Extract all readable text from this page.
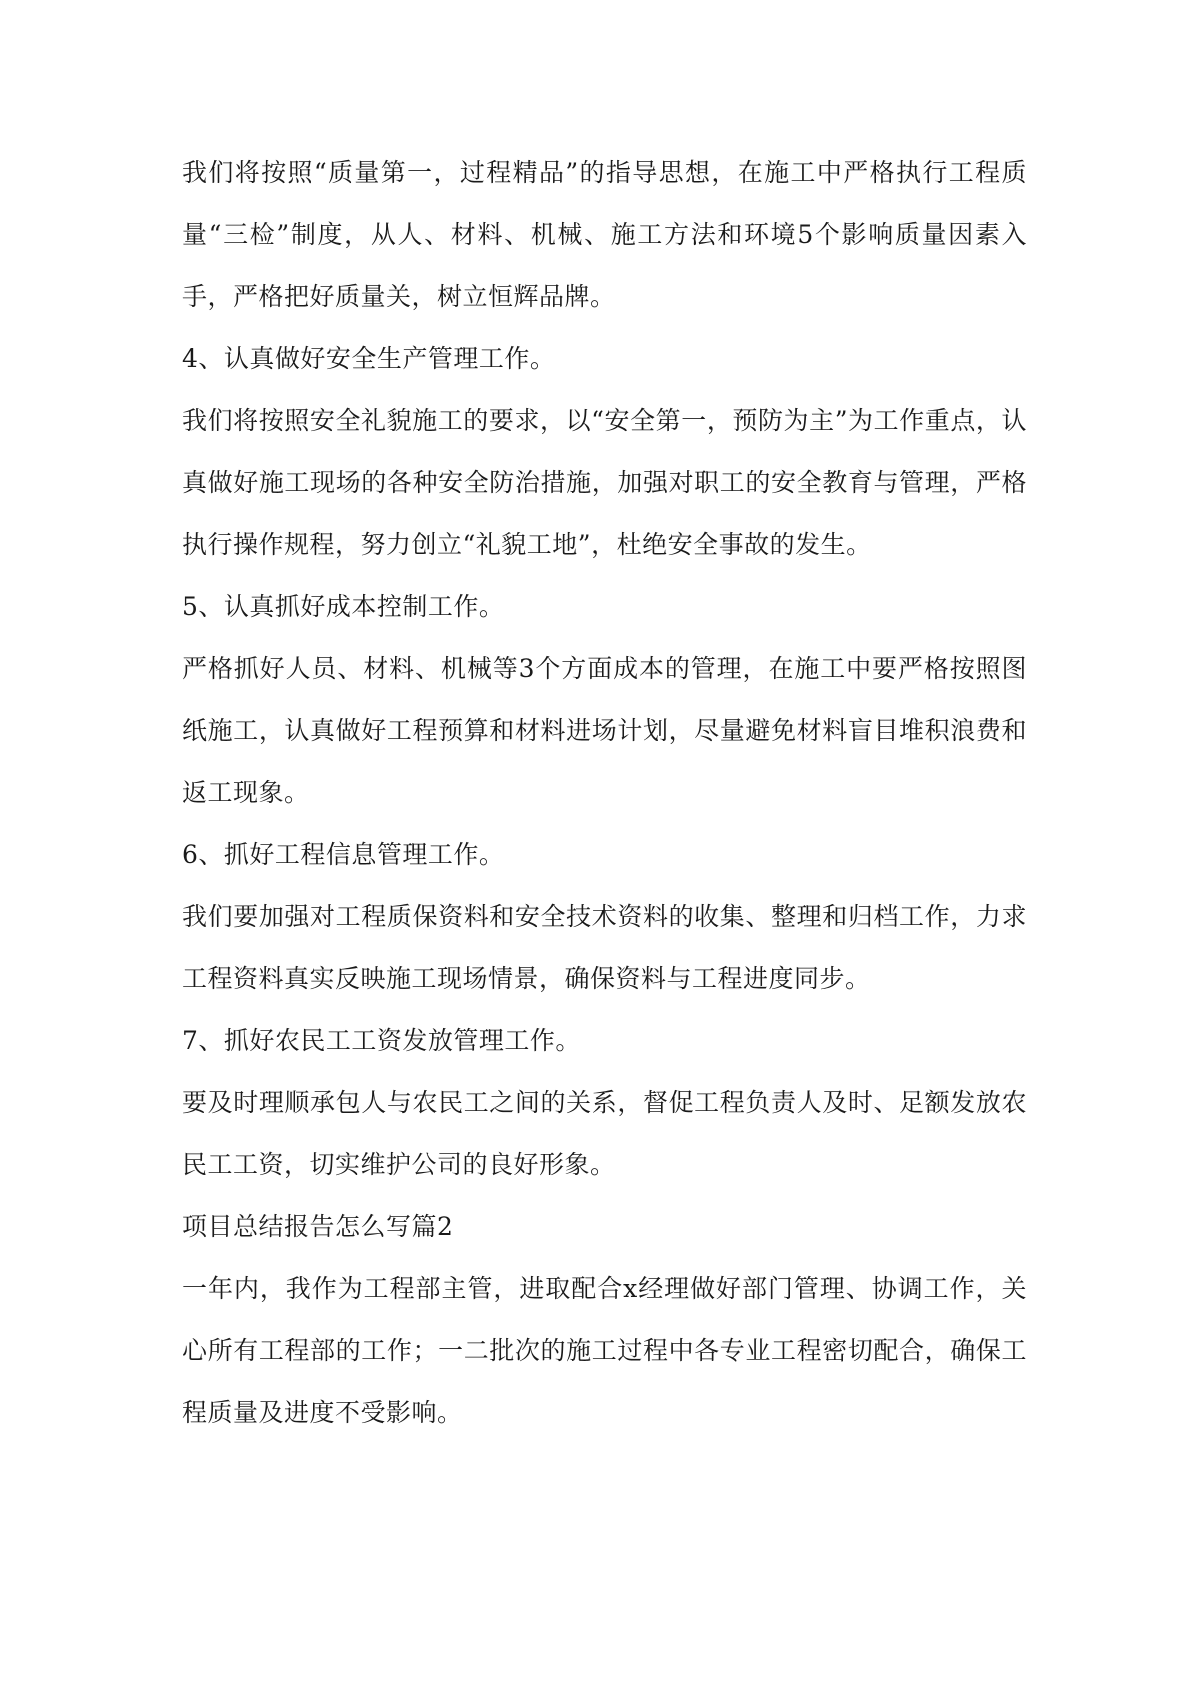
我们将按照“质量第一，过程精品”的指导思想，在施工中严格执行工程质量“三检”制度，从人、材料、机械、施工方法和环境5个影响质量因素入手，严格把好质量关，树立恒辉品牌。

4、认真做好安全生产管理工作。

我们将按照安全礼貌施工的要求，以“安全第一，预防为主”为工作重点，认真做好施工现场的各种安全防治措施，加强对职工的安全教育与管理，严格执行操作规程，努力创立“礼貌工地”，杜绝安全事故的发生。

5、认真抓好成本控制工作。

严格抓好人员、材料、机械等3个方面成本的管理，在施工中要严格按照图纸施工，认真做好工程预算和材料进场计划，尽量避免材料盲目堆积浪费和返工现象。

6、抓好工程信息管理工作。

我们要加强对工程质保资料和安全技术资料的收集、整理和归档工作，力求工程资料真实反映施工现场情景，确保资料与工程进度同步。

7、抓好农民工工资发放管理工作。

要及时理顺承包人与农民工之间的关系，督促工程负责人及时、足额发放农民工工资，切实维护公司的良好形象。

项目总结报告怎么写篇2

一年内，我作为工程部主管，进取配合x经理做好部门管理、协调工作，关心所有工程部的工作；一二批次的施工过程中各专业工程密切配合，确保工程质量及进度不受影响。
